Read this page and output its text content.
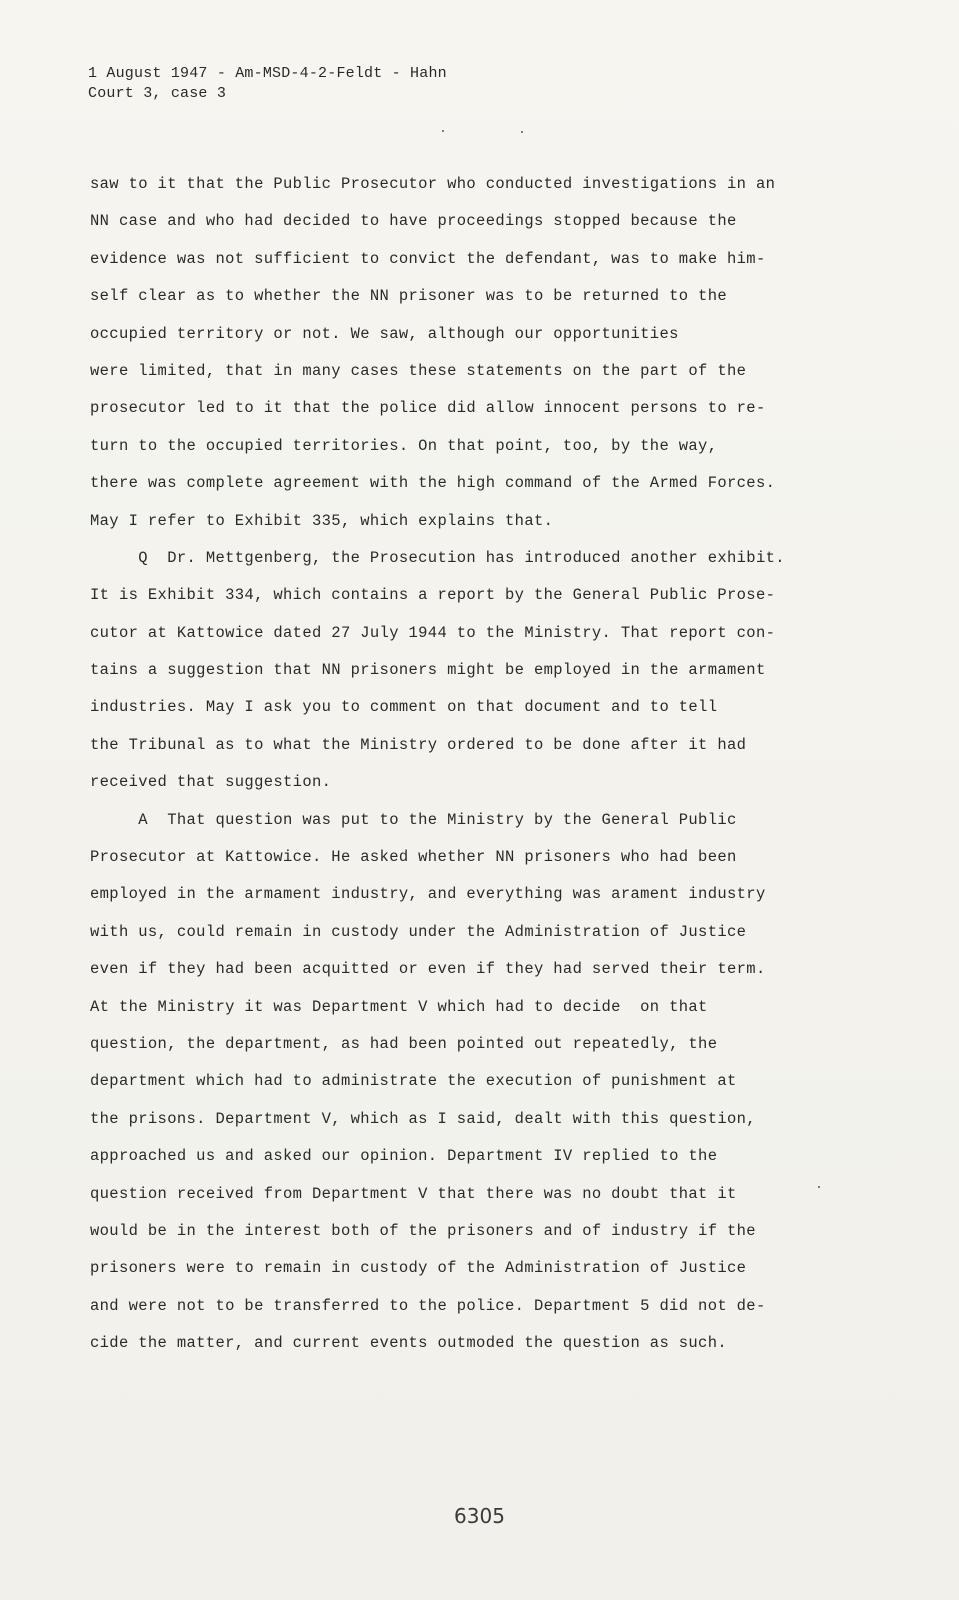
1 August 1947 - Am-MSD-4-2-Feldt - Hahn
Court 3, case 3
saw to it that the Public Prosecutor who conducted investigations in an
NN case and who had decided to have proceedings stopped because the
evidence was not sufficient to convict the defendant, was to make him-
self clear as to whether the NN prisoner was to be returned to the
occupied territory or not. We saw, although our opportunities
were limited, that in many cases these statements on the part of the
prosecutor led to it that the police did allow innocent persons to re-
turn to the occupied territories. On that point, too, by the way,
there was complete agreement with the high command of the Armed Forces.
May I refer to Exhibit 335, which explains that.
Q  Dr. Mettgenberg, the Prosecution has introduced another exhibit.
It is Exhibit 334, which contains a report by the General Public Prose-
cutor at Kattowice dated 27 July 1944 to the Ministry. That report con-
tains a suggestion that NN prisoners might be employed in the armament
industries. May I ask you to comment on that document and to tell
the Tribunal as to what the Ministry ordered to be done after it had
received that suggestion.
A  That question was put to the Ministry by the General Public
Prosecutor at Kattowice. He asked whether NN prisoners who had been
employed in the armament industry, and everything was arament industry
with us, could remain in custody under the Administration of Justice
even if they had been acquitted or even if they had served their term.
At the Ministry it was Department V which had to decide  on that
question, the department, as had been pointed out repeatedly, the
department which had to administrate the execution of punishment at
the prisons. Department V, which as I said, dealt with this question,
approached us and asked our opinion. Department IV replied to the
question received from Department V that there was no doubt that it
would be in the interest both of the prisoners and of industry if the
prisoners were to remain in custody of the Administration of Justice
and were not to be transferred to the police. Department 5 did not de-
cide the matter, and current events outmoded the question as such.
6305
